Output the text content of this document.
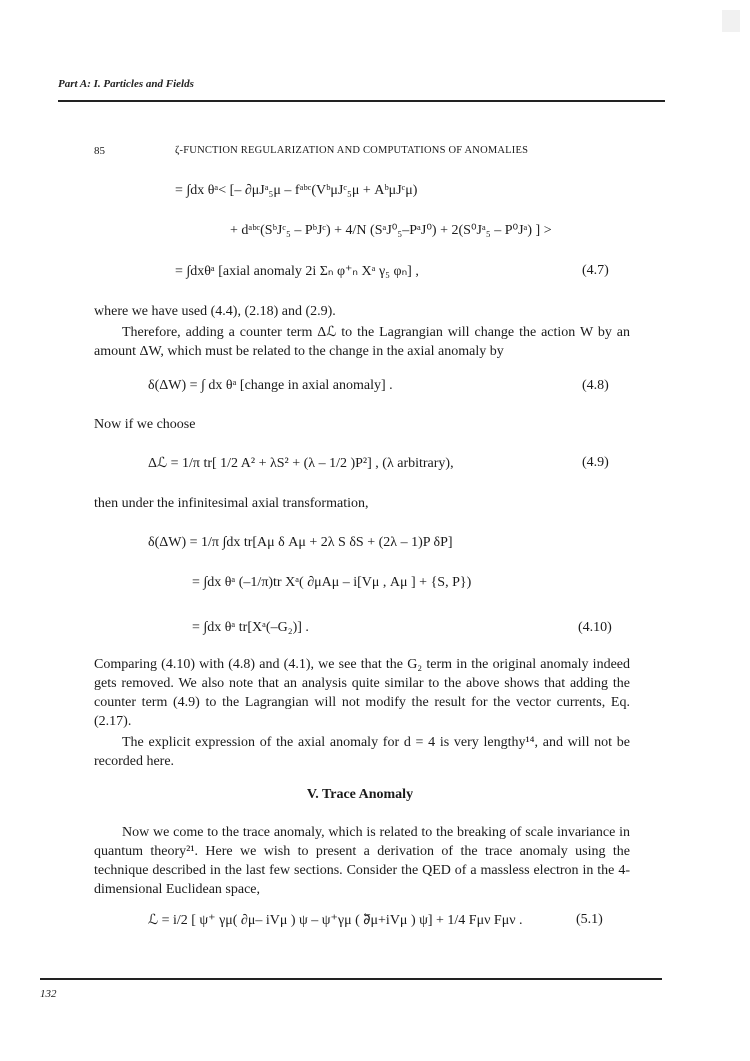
Part A: I. Particles and Fields
85	ζ-FUNCTION REGULARIZATION AND COMPUTATIONS OF ANOMALIES
= ∫dx θᵃ< [– ∂μJᵃ₅μ – fᵃᵇᶜ(VᵇμJᶜ₅μ + AᵇμJᶜμ)
+ dᵃᵇᶜ(SᵇJᶜ₅ – PᵇJᶜ) + 4/N (SᵃJ⁰₅–PᵃJ⁰) + 2(S⁰Jᵃ₅ – P⁰Jᵃ) ] >
= ∫dxθᵃ [axial anomaly 2i Σₙ φ⁺ₙ Xᵃ γ₅ φₙ] ,	(4.7)
where we have used (4.4), (2.18) and (2.9).
Therefore, adding a counter term Δℒ to the Lagrangian will change the action W by an amount ΔW, which must be related to the change in the axial anomaly by
δ(ΔW) = ∫ dx θᵃ [change in axial anomaly] .	(4.8)
Now if we choose
Δℒ = 1/π tr[ 1/2 A² + λS² + (λ – 1/2 )P²] , (λ arbitrary),	(4.9)
then under the infinitesimal axial transformation,
δ(ΔW) = 1/π ∫dx tr[Aμ δ Aμ + 2λ S δS + (2λ – 1)P δP]
= ∫dx θᵃ (–1/π)tr Xᵃ( ∂μAμ – i[Vμ , Aμ ] + {S, P})
= ∫dx θᵃ tr[Xᵃ(–G₂)] .	(4.10)
Comparing (4.10) with (4.8) and (4.1), we see that the G₂ term in the original anomaly indeed gets removed. We also note that an analysis quite similar to the above shows that adding the counter term (4.9) to the Lagrangian will not modify the result for the vector currents, Eq. (2.17).
The explicit expression of the axial anomaly for d = 4 is very lengthy¹⁴, and will not be recorded here.
V. Trace Anomaly
Now we come to the trace anomaly, which is related to the breaking of scale invariance in quantum theory²¹. Here we wish to present a derivation of the trace anomaly using the technique described in the last few sections. Consider the QED of a massless electron in the 4-dimensional Euclidean space,
ℒ = i/2 [ ψ⁺ γμ( ∂μ– iVμ ) ψ – ψ⁺γμ ( ∂⃖μ+iVμ ) ψ] + 1/4 Fμν Fμν .	(5.1)
132
